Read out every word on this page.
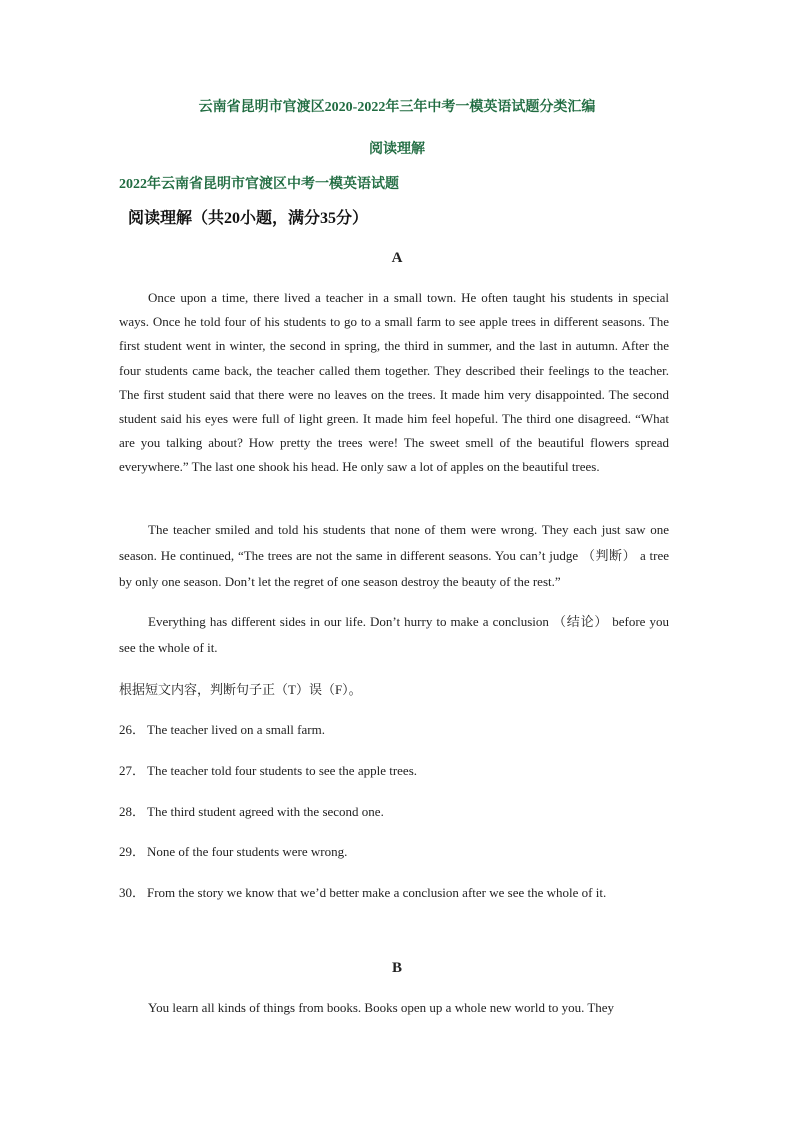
云南省昆明市官渡区2020-2022年三年中考一模英语试题分类汇编
阅读理解
2022年云南省昆明市官渡区中考一模英语试题
阅读理解（共20小题，满分35分）
A
Once upon a time, there lived a teacher in a small town. He often taught his students in special ways. Once he told four of his students to go to a small farm to see apple trees in different seasons. The first student went in winter, the second in spring, the third in summer, and the last in autumn. After the four students came back, the teacher called them together. They described their feelings to the teacher. The first student said that there were no leaves on the trees. It made him very disappointed. The second student said his eyes were full of light green. It made him feel hopeful. The third one disagreed. “What are you talking about? How pretty the trees were! The sweet smell of the beautiful flowers spread everywhere.” The last one shook his head. He only saw a lot of apples on the beautiful trees.
The teacher smiled and told his students that none of them were wrong. They each just saw one season. He continued, “The trees are not the same in different seasons. You can’t judge （判断） a tree by only one season. Don’t let the regret of one season destroy the beauty of the rest.”
Everything has different sides in our life. Don’t hurry to make a conclusion （结论） before you see the whole of it.
根据短文内容，判断句子正（T）误（F）。
26． The teacher lived on a small farm.
27． The teacher told four students to see the apple trees.
28． The third student agreed with the second one.
29． None of the four students were wrong.
30． From the story we know that we’d better make a conclusion after we see the whole of it.
B
You learn all kinds of things from books. Books open up a whole new world to you. They
